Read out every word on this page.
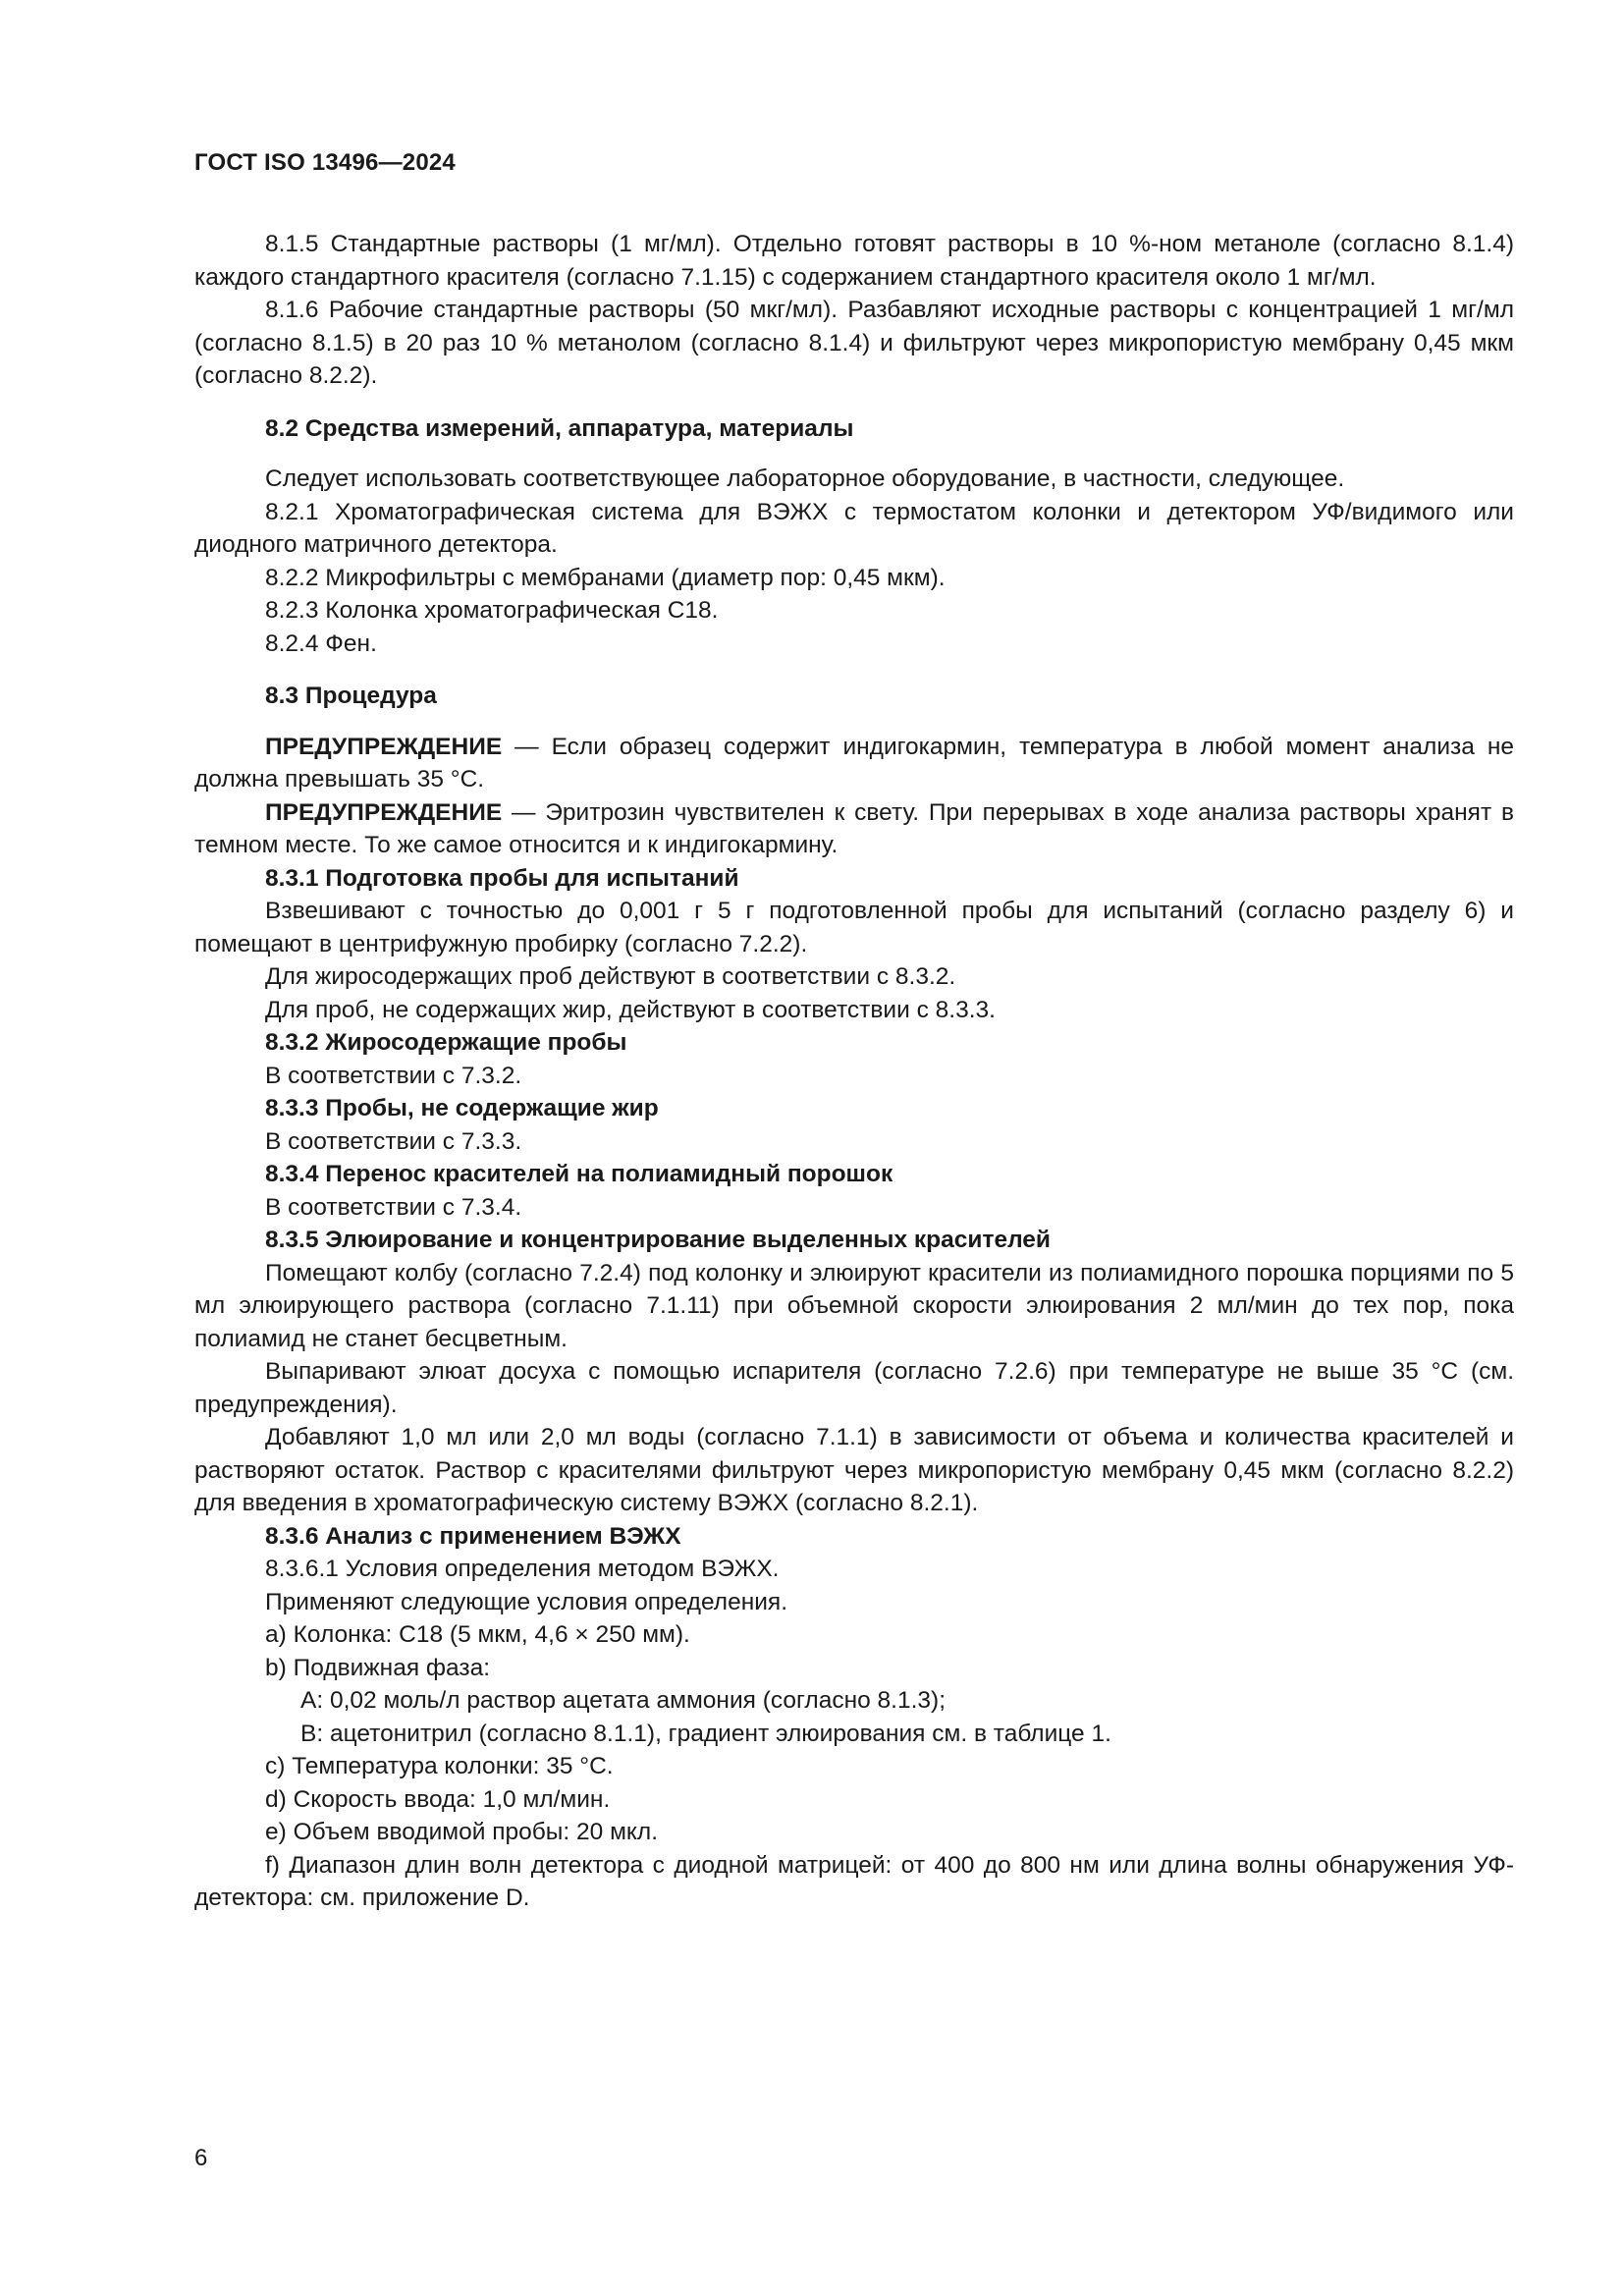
ГОСТ ISO 13496—2024

8.1.5 Стандартные растворы (1 мг/мл). Отдельно готовят растворы в 10 %-ном метаноле (согласно 8.1.4) каждого стандартного красителя (согласно 7.1.15) с содержанием стандартного красителя около 1 мг/мл.

8.1.6 Рабочие стандартные растворы (50 мкг/мл). Разбавляют исходные растворы с концентрацией 1 мг/мл (согласно 8.1.5) в 20 раз 10 % метанолом (согласно 8.1.4) и фильтруют через микропористую мембрану 0,45 мкм (согласно 8.2.2).

8.2 Средства измерений, аппаратура, материалы

Следует использовать соответствующее лабораторное оборудование, в частности, следующее.

8.2.1 Хроматографическая система для ВЭЖХ с термостатом колонки и детектором УФ/видимого или диодного матричного детектора.

8.2.2 Микрофильтры с мембранами (диаметр пор: 0,45 мкм).

8.2.3 Колонка хроматографическая С18.

8.2.4 Фен.

8.3 Процедура

ПРЕДУПРЕЖДЕНИЕ — Если образец содержит индигокармин, температура в любой момент анализа не должна превышать 35 °С.

ПРЕДУПРЕЖДЕНИЕ — Эритрозин чувствителен к свету. При перерывах в ходе анализа растворы хранят в темном месте. То же самое относится и к индигокармину.

8.3.1 Подготовка пробы для испытаний

Взвешивают с точностью до 0,001 г 5 г подготовленной пробы для испытаний (согласно разделу 6) и помещают в центрифужную пробирку (согласно 7.2.2).

Для жиросодержащих проб действуют в соответствии с 8.3.2.

Для проб, не содержащих жир, действуют в соответствии с 8.3.3.

8.3.2 Жиросодержащие пробы

В соответствии с 7.3.2.

8.3.3 Пробы, не содержащие жир

В соответствии с 7.3.3.

8.3.4 Перенос красителей на полиамидный порошок

В соответствии с 7.3.4.

8.3.5 Элюирование и концентрирование выделенных красителей

Помещают колбу (согласно 7.2.4) под колонку и элюируют красители из полиамидного порошка порциями по 5 мл элюирующего раствора (согласно 7.1.11) при объемной скорости элюирования 2 мл/мин до тех пор, пока полиамид не станет бесцветным.

Выпаривают элюат досуха с помощью испарителя (согласно 7.2.6) при температуре не выше 35 °С (см. предупреждения).

Добавляют 1,0 мл или 2,0 мл воды (согласно 7.1.1) в зависимости от объема и количества красителей и растворяют остаток. Раствор с красителями фильтруют через микропористую мембрану 0,45 мкм (согласно 8.2.2) для введения в хроматографическую систему ВЭЖХ (согласно 8.2.1).

8.3.6 Анализ с применением ВЭЖХ

8.3.6.1 Условия определения методом ВЭЖХ.

Применяют следующие условия определения.

a) Колонка: С18 (5 мкм, 4,6 × 250 мм).

b) Подвижная фаза:

A: 0,02 моль/л раствор ацетата аммония (согласно 8.1.3);

B: ацетонитрил (согласно 8.1.1), градиент элюирования см. в таблице 1.

c) Температура колонки: 35 °С.

d) Скорость ввода: 1,0 мл/мин.

e) Объем вводимой пробы: 20 мкл.

f) Диапазон длин волн детектора с диодной матрицей: от 400 до 800 нм или длина волны обнаружения УФ-детектора: см. приложение D.

6
